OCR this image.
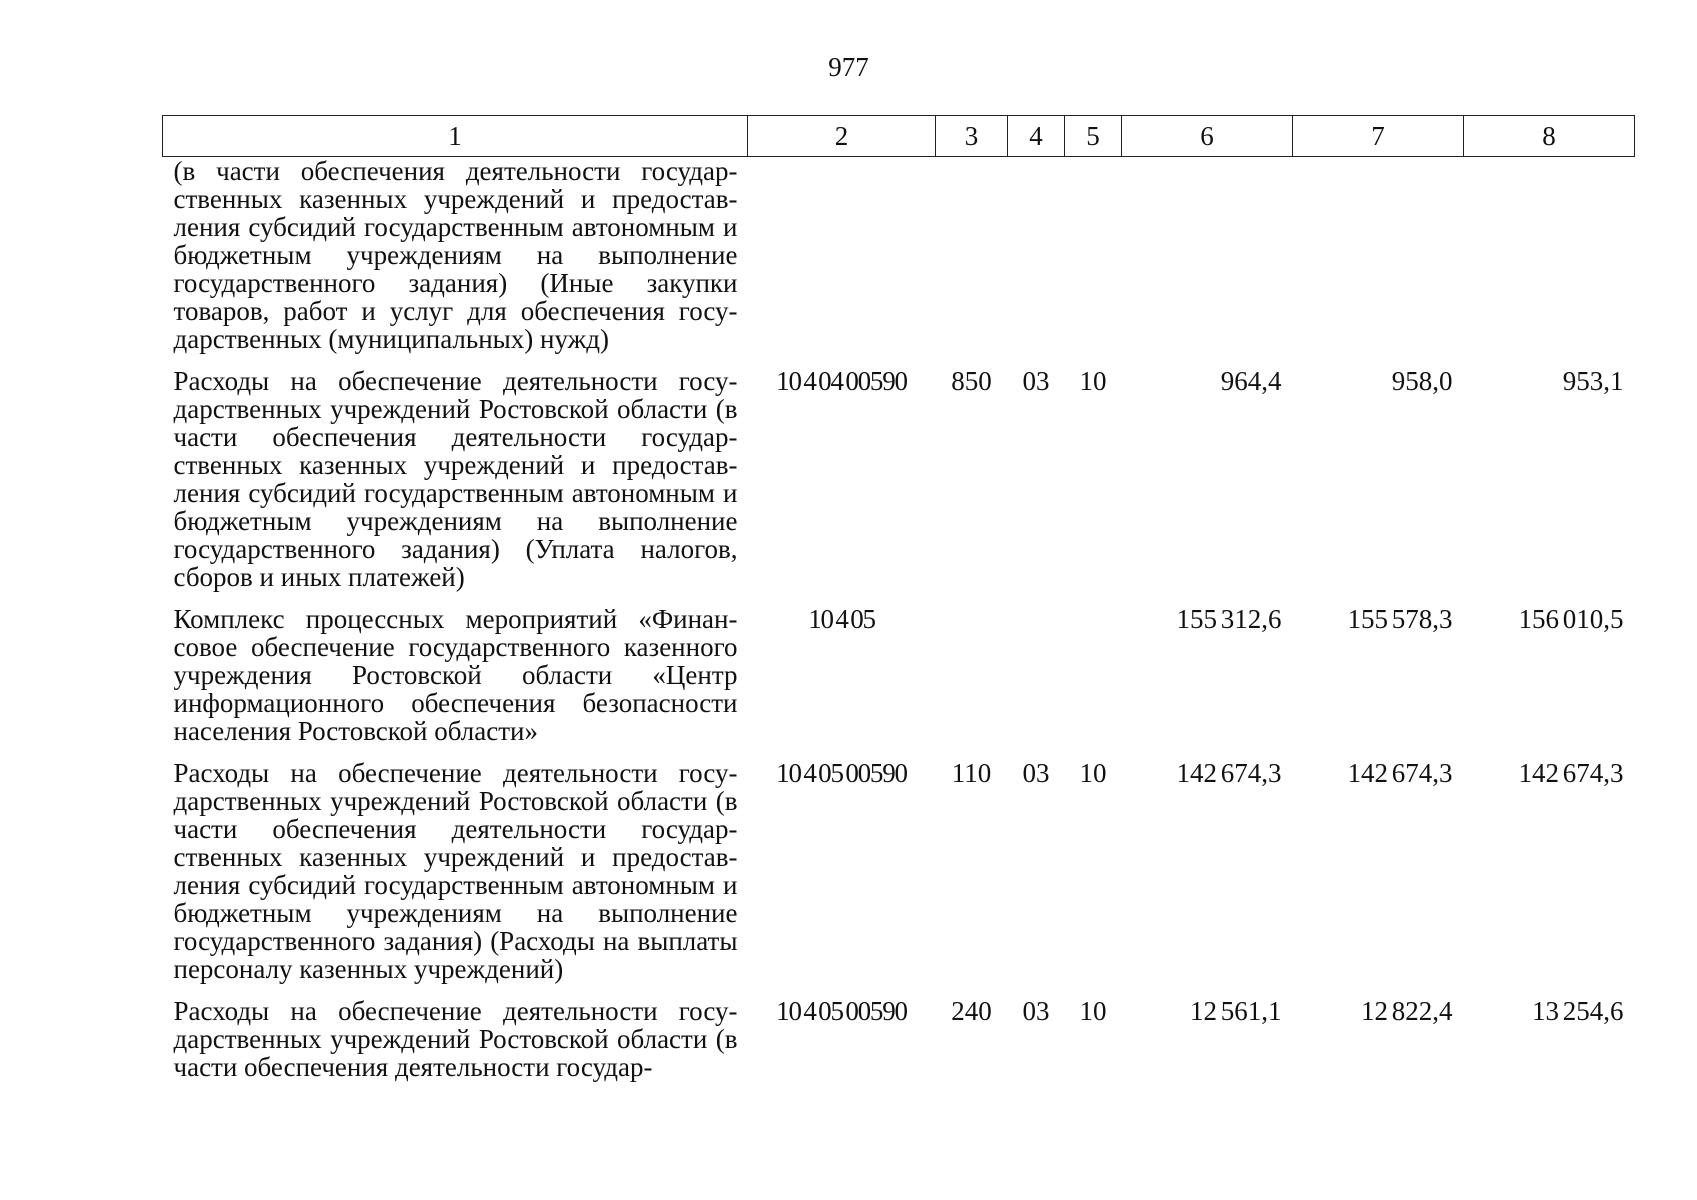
977
1	2	3	4	5	6	7	8
(в части обеспечения деятельности государственных казенных учреждений и предоставления субсидий государственным автономным и бюджетным учреждениям на выполнение государственного задания) (Иные закупки товаров, работ и услуг для обеспечения государственных (муниципальных) нужд)							
Расходы на обеспечение деятельности государственных учреждений Ростовской области (в части обеспечения деятельности государственных казенных учреждений и предоставления субсидий государственным автономным и бюджетным учреждениям на выполнение государственного задания) (Уплата налогов, сборов и иных платежей)	10 4 04 00590	850	03	10	964,4	958,0	953,1
Комплекс процессных мероприятий «Финансовое обеспечение государственного казенного учреждения Ростовской области «Центр информационного обеспечения безопасности населения Ростовской области»	10 4 05				155 312,6	155 578,3	156 010,5
Расходы на обеспечение деятельности государственных учреждений Ростовской области (в части обеспечения деятельности государственных казенных учреждений и предоставления субсидий государственным автономным и бюджетным учреждениям на выполнение государственного задания) (Расходы на выплаты персоналу казенных учреждений)	10 4 05 00590	110	03	10	142 674,3	142 674,3	142 674,3
Расходы на обеспечение деятельности государственных учреждений Ростовской области (в части обеспечения деятельности государ-	10 4 05 00590	240	03	10	12 561,1	12 822,4	13 254,6
